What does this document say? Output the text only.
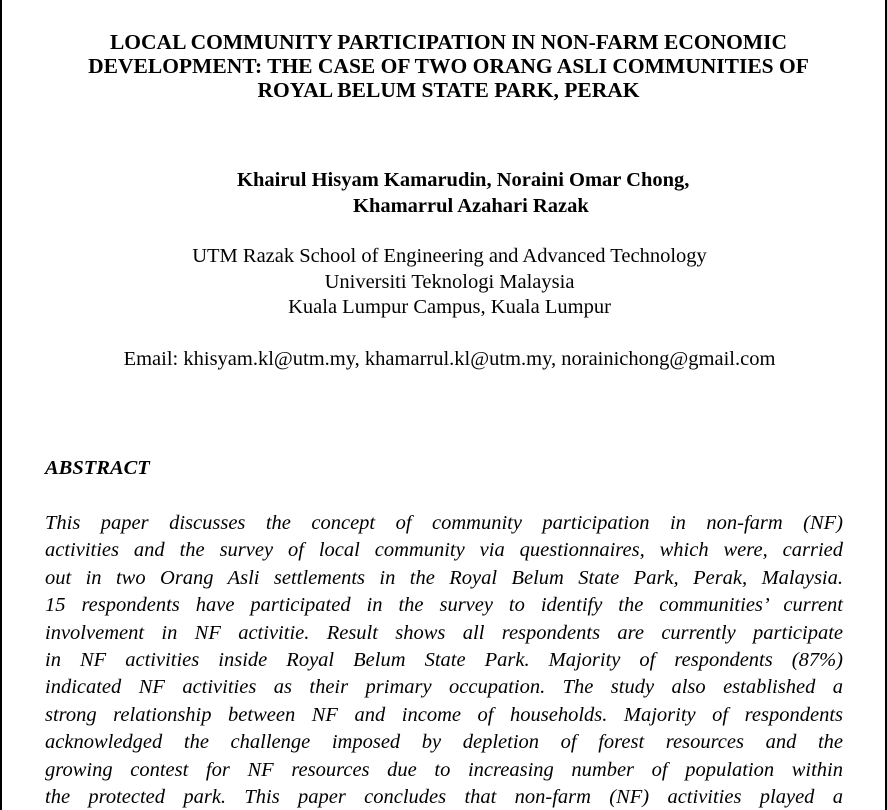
LOCAL COMMUNITY PARTICIPATION IN NON-FARM ECONOMIC
DEVELOPMENT: THE CASE OF TWO ORANG ASLI COMMUNITIES OF
ROYAL BELUM STATE PARK, PERAK
Khairul Hisyam Kamarudin, Noraini Omar Chong,
Khamarrul Azahari Razak
UTM Razak School of Engineering and Advanced Technology
Universiti Teknologi Malaysia
Kuala Lumpur Campus, Kuala Lumpur
Email: khisyam.kl@utm.my, khamarrul.kl@utm.my, norainichong@gmail.com
ABSTRACT
This paper discusses the concept of community participation in non-farm (NF)
activities and the survey of local community via questionnaires, which were, carried
out in two Orang Asli settlements in the Royal Belum State Park, Perak, Malaysia.
15 respondents have participated in the survey to identify the communities’ current
involvement in NF activitie. Result shows all respondents are currently participate
in NF activities inside Royal Belum State Park. Majority of respondents (87%)
indicated NF activities as their primary occupation. The study also established a
strong relationship between NF and income of households. Majority of respondents
acknowledged the challenge imposed by depletion of forest resources and the
growing contest for NF resources due to increasing number of population within
the protected park. This paper concludes that non-farm (NF) activities played a
